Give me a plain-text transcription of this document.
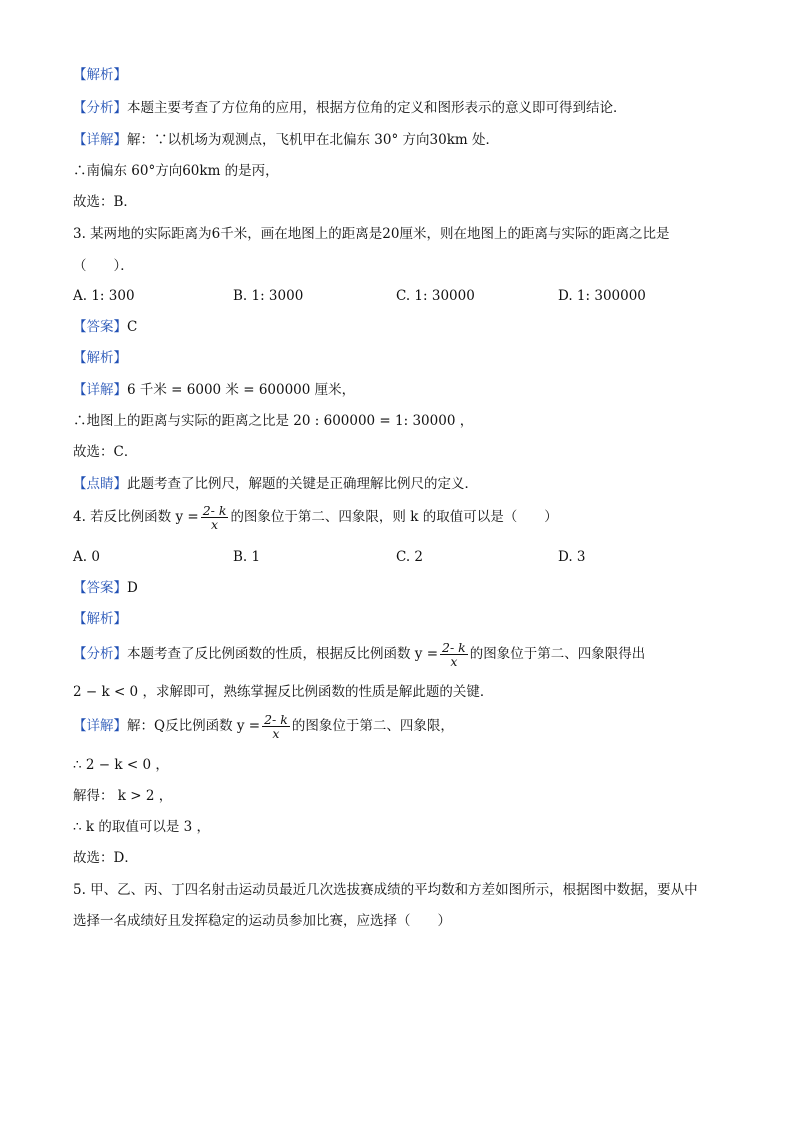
【解析】
【分析】本题主要考查了方位角的应用，根据方位角的定义和图形表示的意义即可得到结论．
【详解】解：∵以机场为观测点，飞机甲在北偏东 30° 方向30km 处．
∴南偏东 60°方向60km 的是丙，
故选：B．
3. 某两地的实际距离为6千米，画在地图上的距离是20厘米，则在地图上的距离与实际的距离之比是
（　　）．
A. 1: 300	B. 1: 3000	C. 1: 30000	D. 1: 300000
【答案】C
【解析】
【详解】6 千米 = 6000 米 = 600000 厘米，
∴地图上的距离与实际的距离之比是 20 : 600000 = 1: 30000 ，
故选：C．
【点睛】此题考查了比例尺，解题的关键是正确理解比例尺的定义．
4. 若反比例函数 $y = \frac{2- k}{x}$ 的图象位于第二、四象限，则 k 的取值可以是（　　）
A. 0	B. 1	C. 2	D. 3
【答案】D
【解析】
【分析】本题考查了反比例函数的性质，根据反比例函数 $y = \frac{2- k}{x}$ 的图象位于第二、四象限得出
2 − k < 0 ，求解即可，熟练掌握反比例函数的性质是解此题的关键．
【详解】解：Q反比例函数 $y = \frac{2- k}{x}$ 的图象位于第二、四象限，
∴ 2 − k < 0 ，
解得： k > 2 ，
∴ k 的取值可以是 3 ，
故选：D．
5. 甲、乙、丙、丁四名射击运动员最近几次选拔赛成绩的平均数和方差如图所示，根据图中数据，要从中
选择一名成绩好且发挥稳定的运动员参加比赛，应选择（　　）
